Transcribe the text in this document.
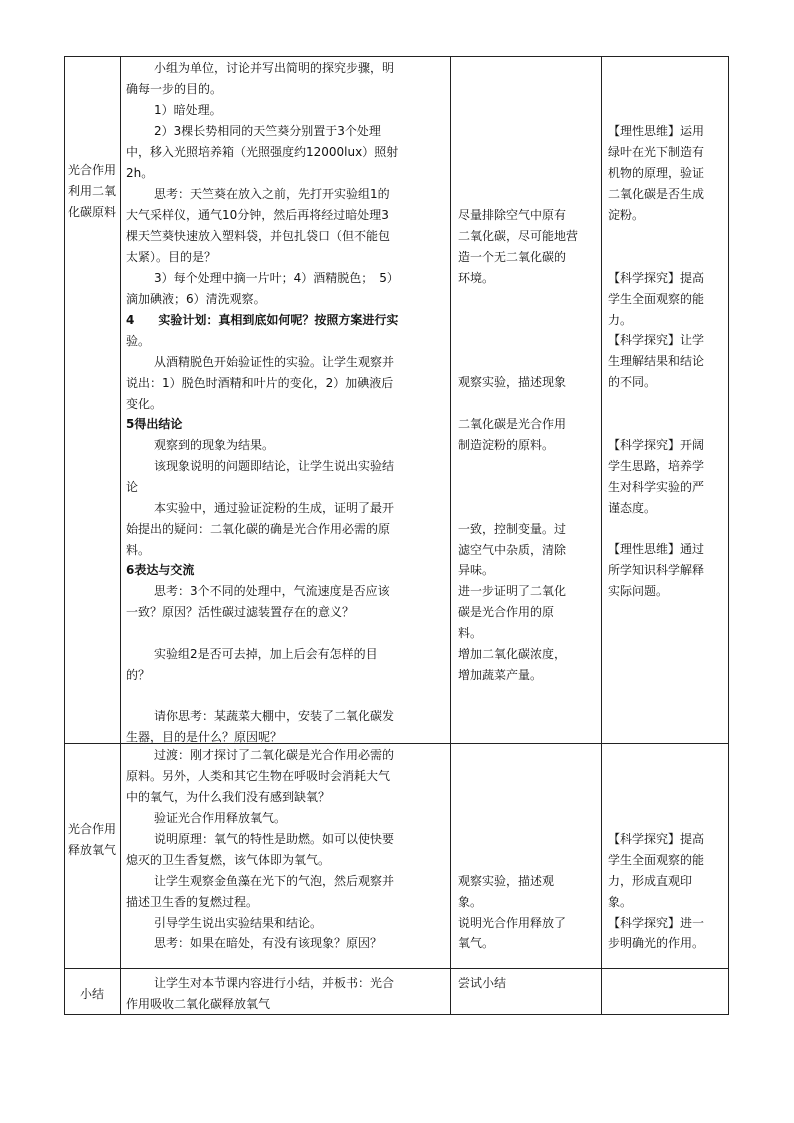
光合作用利用二氧化碳原料
小组为单位，讨论并写出简明的探究步骤，明
确每一步的目的。
1）暗处理。
2）3棵长势相同的天竺葵分别置于3个处理
中，移入光照培养箱（光照强度约12000lux）照射
2h。
思考：天竺葵在放入之前，先打开实验组1的
大气采样仪，通气10分钟，然后再将经过暗处理3
棵天竺葵快速放入塑料袋，并包扎袋口（但不能包
太紧）。目的是？
3）每个处理中摘一片叶；4）酒精脱色；　5）
滴加碘液；6）清洗观察。
4　　实验计划：真相到底如何呢？按照方案进行实
验。
从酒精脱色开始验证性的实验。让学生观察并
说出：1）脱色时酒精和叶片的变化，2）加碘液后
变化。
5得出结论
观察到的现象为结果。
该现象说明的问题即结论，让学生说出实验结
论
本实验中，通过验证淀粉的生成，证明了最开
始提出的疑问：二氧化碳的确是光合作用必需的原
料。
6表达与交流
思考：3个不同的处理中，气流速度是否应该
一致？原因？活性碳过滤装置存在的意义？
实验组2是否可去掉，加上后会有怎样的目
的？
请你思考：某蔬菜大棚中，安装了二氧化碳发
生器，目的是什么？原因呢？
尽量排除空气中原有
二氧化碳，尽可能地营
造一个无二氧化碳的
环境。
观察实验，描述现象
二氧化碳是光合作用
制造淀粉的原料。
一致，控制变量。过
滤空气中杂质，清除
异味。
进一步证明了二氧化
碳是光合作用的原
料。
增加二氧化碳浓度，
增加蔬菜产量。
【理性思维】运用
绿叶在光下制造有
机物的原理，验证
二氧化碳是否生成
淀粉。
【科学探究】提高
学生全面观察的能
力。
【科学探究】让学
生理解结果和结论
的不同。
【科学探究】开阔
学生思路，培养学
生对科学实验的严
谨态度。
【理性思维】通过
所学知识科学解释
实际问题。
光合作用释放氧气
过渡：刚才探讨了二氧化碳是光合作用必需的
原料。另外，人类和其它生物在呼吸时会消耗大气
中的氧气，为什么我们没有感到缺氧？
验证光合作用释放氧气。
说明原理：氧气的特性是助燃。如可以使快要
熄灭的卫生香复燃，该气体即为氧气。
让学生观察金鱼藻在光下的气泡，然后观察并
描述卫生香的复燃过程。
引导学生说出实验结果和结论。
思考：如果在暗处，有没有该现象？原因？
观察实验，描述观
象。
说明光合作用释放了
氧气。
【科学探究】提高
学生全面观察的能
力，形成直观印
象。
【科学探究】进一
步明确光的作用。
小结
让学生对本节课内容进行小结，并板书：光合
作用吸收二氧化碳释放氧气
尝试小结
